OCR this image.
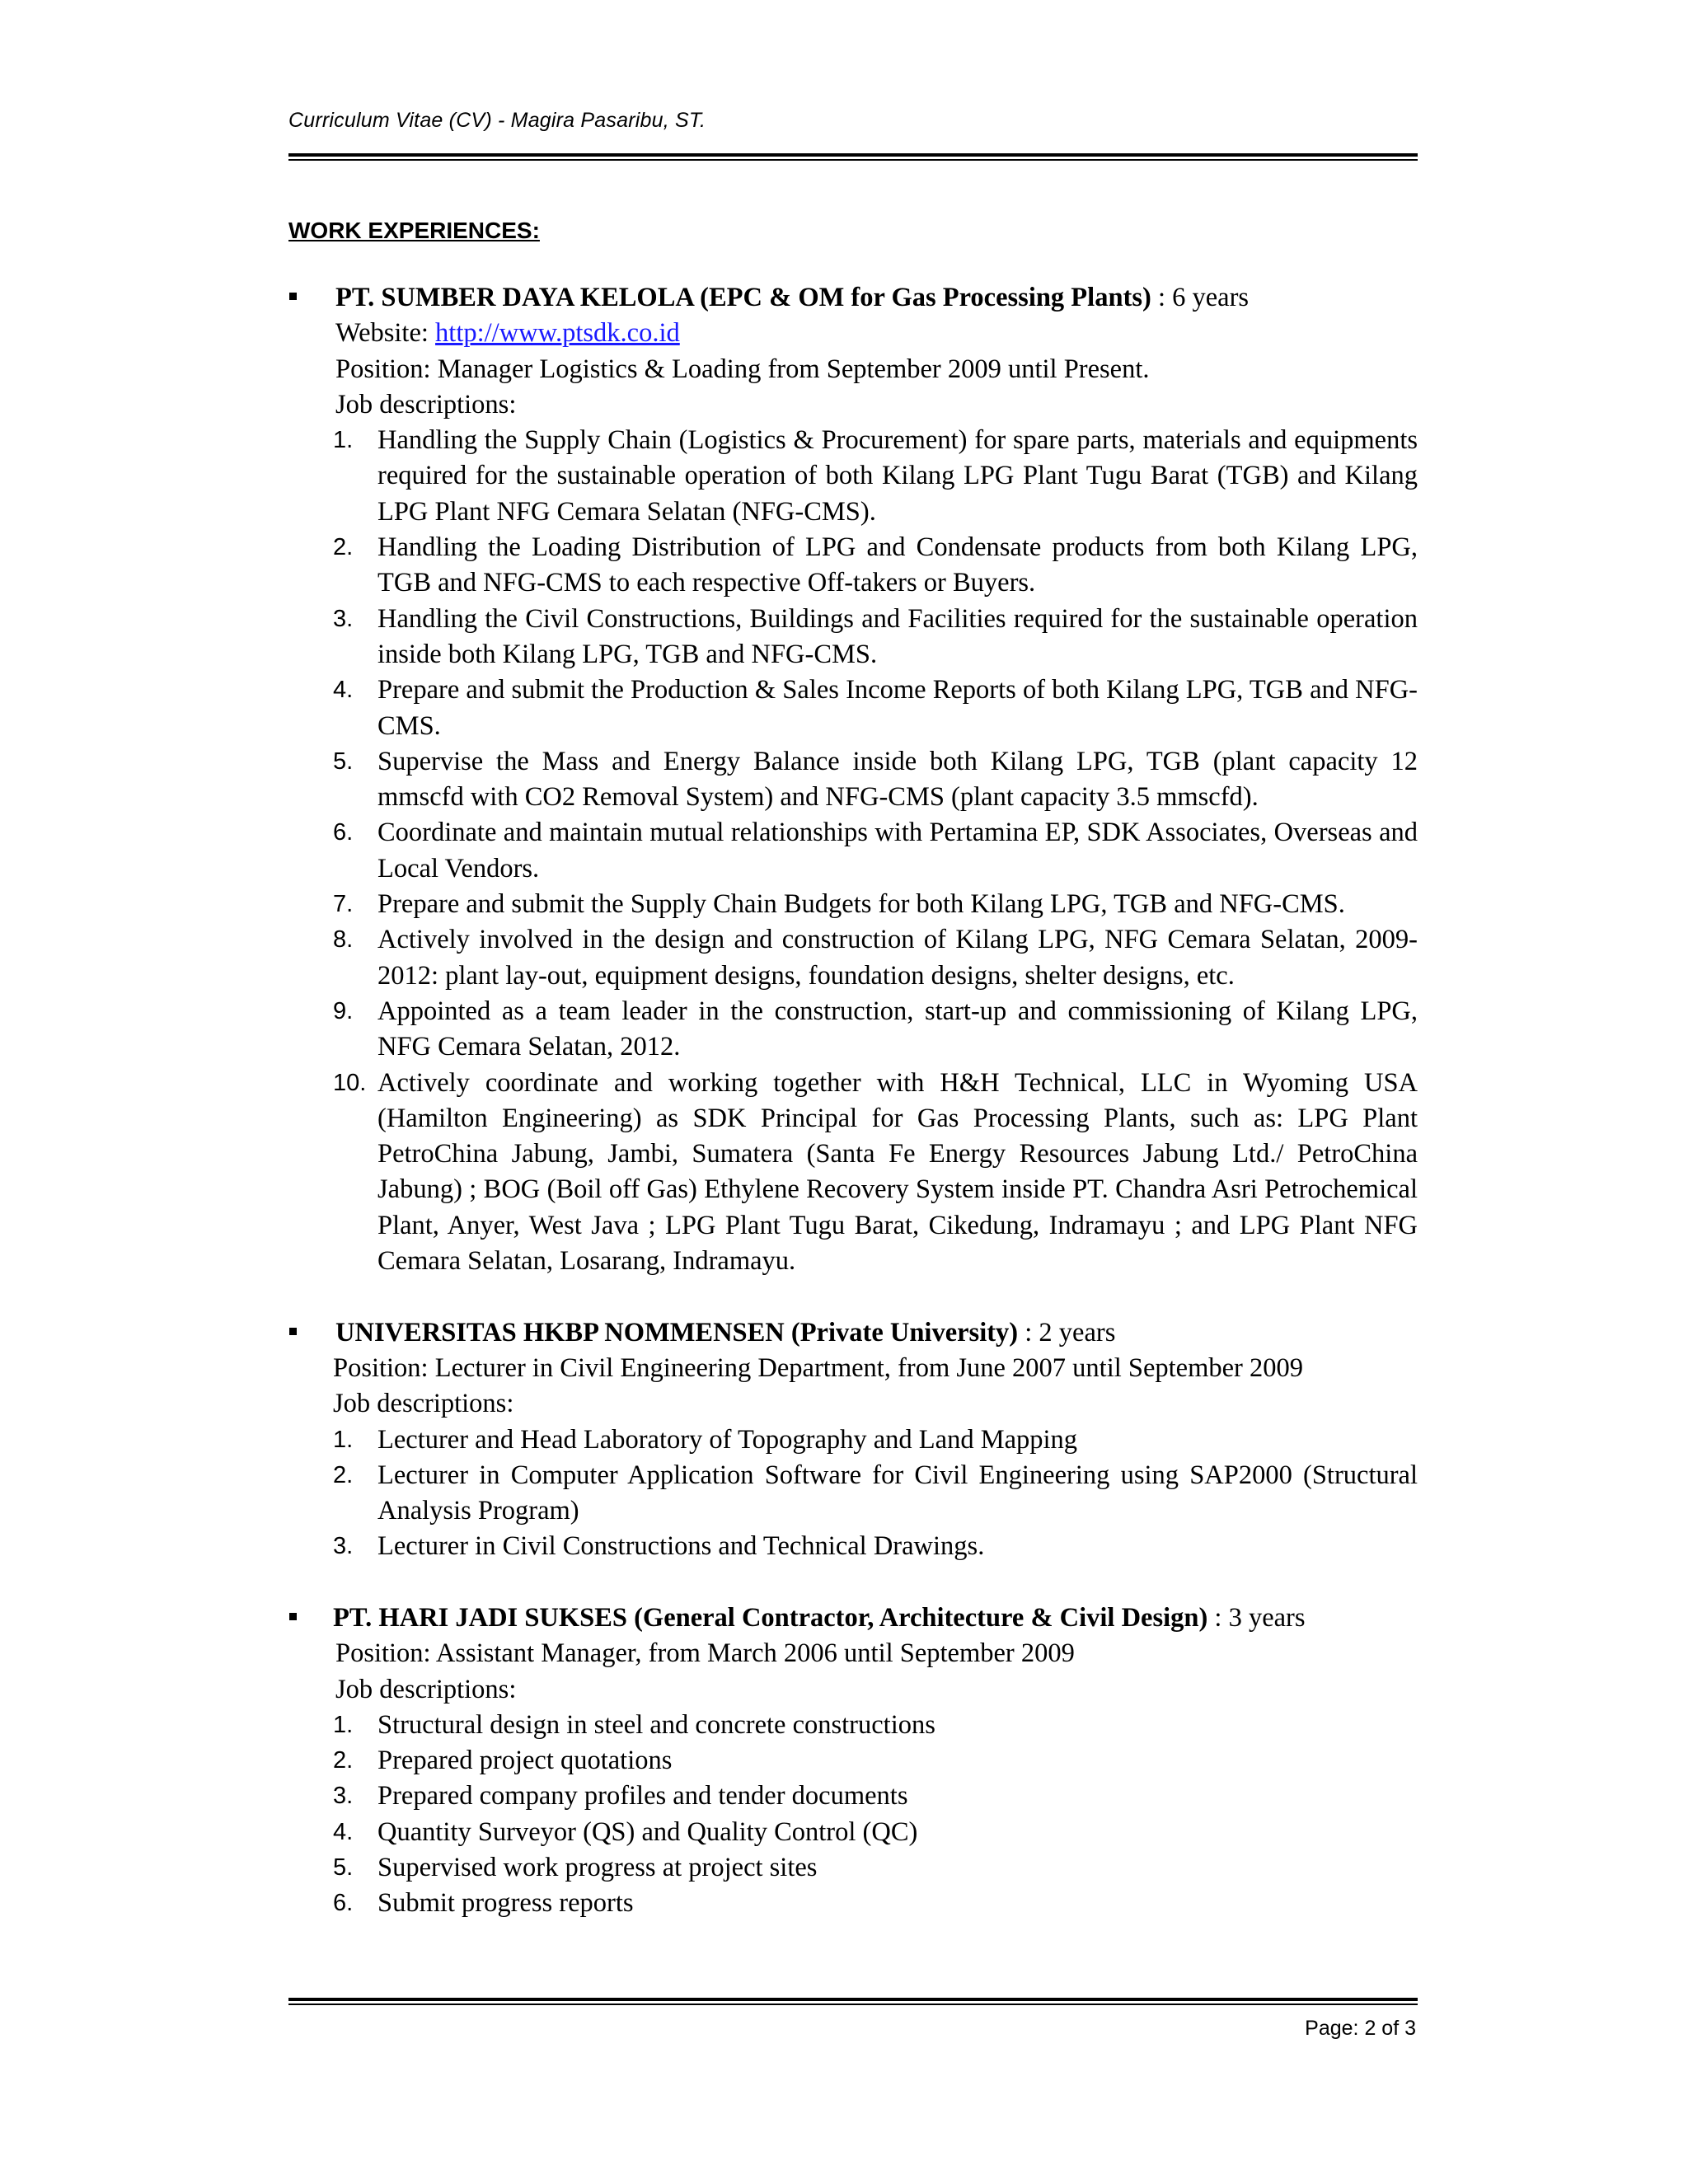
Curriculum Vitae (CV) - Magira Pasaribu, ST.
WORK EXPERIENCES:
PT. SUMBER DAYA KELOLA (EPC & OM for Gas Processing Plants) : 6 years
Website: http://www.ptsdk.co.id
Position: Manager Logistics & Loading from September 2009 until Present.
Job descriptions:
1. Handling the Supply Chain (Logistics & Procurement) for spare parts, materials and equipments required for the sustainable operation of both Kilang LPG Plant Tugu Barat (TGB) and Kilang LPG Plant NFG Cemara Selatan (NFG-CMS).
2. Handling the Loading Distribution of LPG and Condensate products from both Kilang LPG, TGB and NFG-CMS to each respective Off-takers or Buyers.
3. Handling the Civil Constructions, Buildings and Facilities required for the sustainable operation inside both Kilang LPG, TGB and NFG-CMS.
4. Prepare and submit the Production & Sales Income Reports of both Kilang LPG, TGB and NFG-CMS.
5. Supervise the Mass and Energy Balance inside both Kilang LPG, TGB (plant capacity 12 mmscfd with CO2 Removal System) and NFG-CMS (plant capacity 3.5 mmscfd).
6. Coordinate and maintain mutual relationships with Pertamina EP, SDK Associates, Overseas and Local Vendors.
7. Prepare and submit the Supply Chain Budgets for both Kilang LPG, TGB and NFG-CMS.
8. Actively involved in the design and construction of Kilang LPG, NFG Cemara Selatan, 2009-2012: plant lay-out, equipment designs, foundation designs, shelter designs, etc.
9. Appointed as a team leader in the construction, start-up and commissioning of Kilang LPG, NFG Cemara Selatan, 2012.
10. Actively coordinate and working together with H&H Technical, LLC in Wyoming USA (Hamilton Engineering) as SDK Principal for Gas Processing Plants, such as: LPG Plant PetroChina Jabung, Jambi, Sumatera (Santa Fe Energy Resources Jabung Ltd./ PetroChina Jabung) ; BOG (Boil off Gas) Ethylene Recovery System inside PT. Chandra Asri Petrochemical Plant, Anyer, West Java ; LPG Plant Tugu Barat, Cikedung, Indramayu ; and LPG Plant NFG Cemara Selatan, Losarang, Indramayu.
UNIVERSITAS HKBP NOMMENSEN (Private University) : 2 years
Position: Lecturer in Civil Engineering Department, from June 2007 until September 2009
Job descriptions:
1. Lecturer and Head Laboratory of Topography and Land Mapping
2. Lecturer in Computer Application Software for Civil Engineering using SAP2000 (Structural Analysis Program)
3. Lecturer in Civil Constructions and Technical Drawings.
PT. HARI JADI SUKSES (General Contractor, Architecture & Civil Design) : 3 years
Position: Assistant Manager, from March 2006 until September 2009
Job descriptions:
1. Structural design in steel and concrete constructions
2. Prepared project quotations
3. Prepared company profiles and tender documents
4. Quantity Surveyor (QS) and Quality Control (QC)
5. Supervised work progress at project sites
6. Submit progress reports
Page: 2 of 3
